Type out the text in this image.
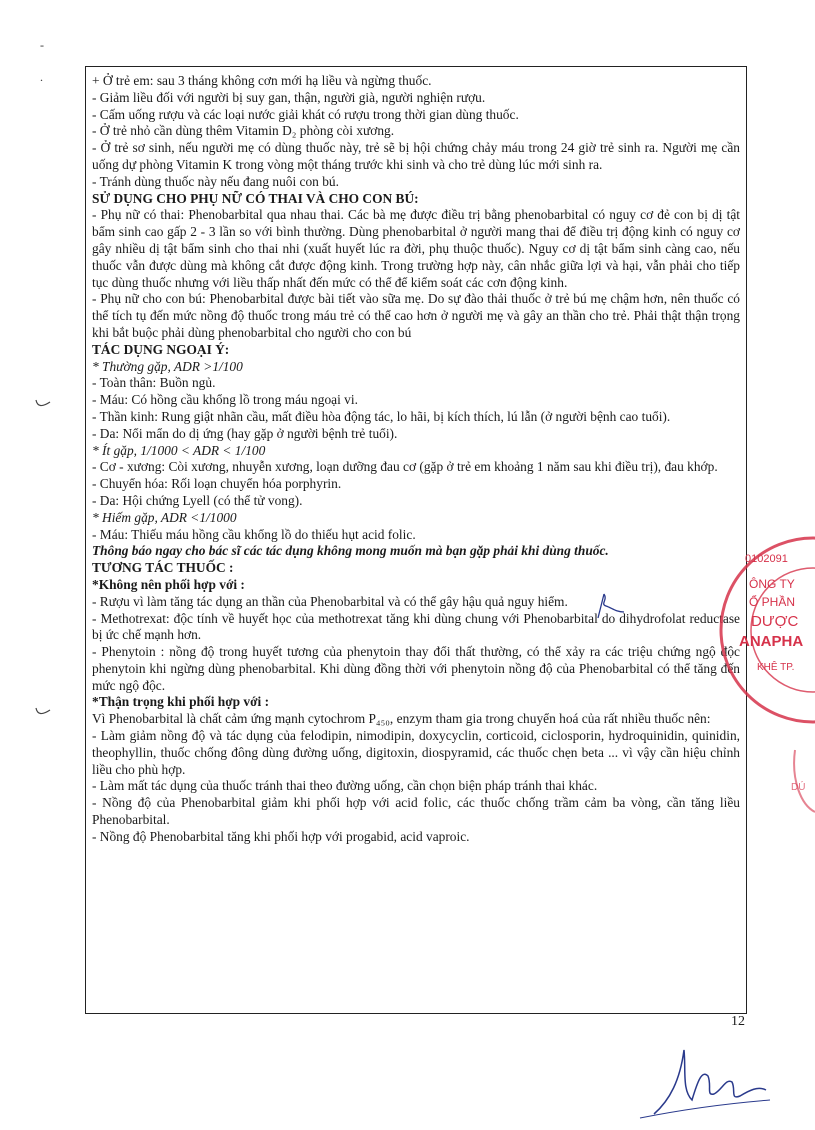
-
.	+ Ở trẻ em: sau 3 tháng không cơn mới hạ liều và ngừng thuốc.

- Giảm liều đối với người bị suy gan, thận, người già, người nghiện rượu.

- Cấm uống rượu và các loại nước giải khát có rượu trong thời gian dùng thuốc.

- Ở trẻ nhỏ cần dùng thêm Vitamin D₂ phòng còi xương.

- Ở trẻ sơ sinh, nếu người mẹ có dùng thuốc này, trẻ sẽ bị hội chứng chảy máu trong 24 giờ trẻ sinh ra. Người mẹ cần uống dự phòng Vitamin K trong vòng một tháng trước khi sinh và cho trẻ dùng lúc mới sinh ra.

- Tránh dùng thuốc này nếu đang nuôi con bú.

SỬ DỤNG CHO PHỤ NỮ CÓ THAI VÀ CHO CON BÚ:

- Phụ nữ có thai: Phenobarbital qua nhau thai. Các bà mẹ được điều trị bằng phenobarbital có nguy cơ đẻ con bị dị tật bẩm sinh cao gấp 2 - 3 lần so với bình thường. Dùng phenobarbital ở người mang thai để điều trị động kinh có nguy cơ gây nhiều dị tật bẩm sinh cho thai nhi (xuất huyết lúc ra đời, phụ thuộc thuốc). Nguy cơ dị tật bẩm sinh càng cao, nếu thuốc vẫn được dùng mà không cắt được động kinh. Trong trường hợp này, cân nhắc giữa lợi và hại, vẫn phải cho tiếp tục dùng thuốc nhưng với liều thấp nhất đến mức có thể để kiểm soát các cơn động kinh.

- Phụ nữ cho con bú: Phenobarbital được bài tiết vào sữa mẹ. Do sự đào thải thuốc ở trẻ bú mẹ chậm hơn, nên thuốc có thể tích tụ đến mức nồng độ thuốc trong máu trẻ có thể cao hơn ở người mẹ và gây an thần cho trẻ. Phải thật thận trọng khi bắt buộc phải dùng phenobarbital cho người cho con bú

TÁC DỤNG NGOẠI Ý:

* Thường gặp, ADR >1/100

- Toàn thân: Buồn ngủ.

- Máu: Có hồng cầu khổng lồ trong máu ngoại vi.

- Thần kinh: Rung giật nhãn cầu, mất điều hòa động tác, lo hãi, bị kích thích, lú lẫn (ở người bệnh cao tuổi).

- Da: Nổi mẩn do dị ứng (hay gặp ở người bệnh trẻ tuổi).

* Ít gặp, 1/1000 < ADR < 1/100

- Cơ - xương: Còi xương, nhuyễn xương, loạn dưỡng đau cơ (gặp ở trẻ em khoảng 1 năm sau khi điều trị), đau khớp.

- Chuyển hóa: Rối loạn chuyển hóa porphyrin.

- Da: Hội chứng Lyell (có thể tử vong).

* Hiếm gặp, ADR <1/1000

- Máu: Thiếu máu hồng cầu khổng lồ do thiếu hụt acid folic.

Thông báo ngay cho bác sĩ các tác dụng không mong muốn mà bạn gặp phải khi dùng thuốc.

TƯƠNG TÁC THUỐC :

*Không nên phối hợp với :

- Rượu vì làm tăng tác dụng an thần của Phenobarbital và có thể gây hậu quả nguy hiểm.

- Methotrexat: độc tính về huyết học của methotrexat tăng khi dùng chung với Phenobarbital do dihydrofolat reductase bị ức chế mạnh hơn.

- Phenytoin : nồng độ trong huyết tương của phenytoin thay đổi thất thường, có thể xảy ra các triệu chứng ngộ độc phenytoin khi ngừng dùng phenobarbital. Khi dùng đồng thời với phenytoin nồng độ của Phenobarbital có thể tăng đến mức ngộ độc.

*Thận trọng khi phối hợp với :

Vì Phenobarbital là chất cảm ứng mạnh cytochrom P₄₅₀, enzym tham gia trong chuyển hoá của rất nhiều thuốc nên:

- Làm giảm nồng độ và tác dụng của felodipin, nimodipin, doxycyclin, corticoid, ciclosporin, hydroquinidin, quinidin, theophyllin, thuốc chống đông dùng đường uống, digitoxin, diospyramid, các thuốc chẹn beta ... vì vậy cần hiệu chỉnh liều cho phù hợp.

- Làm mất tác dụng của thuốc tránh thai theo đường uống, cần chọn biện pháp tránh thai khác.

- Nồng độ của Phenobarbital giảm khi phối hợp với acid folic, các thuốc chống trầm cảm ba vòng, cần tăng liều Phenobarbital.

- Nồng độ Phenobarbital tăng khi phối hợp với progabid, acid vaproic.

12
0102091
ÔNG TY
Ổ PHẦN
DƯỢC
ANAPHA
KHÊ TP.
DÚ
